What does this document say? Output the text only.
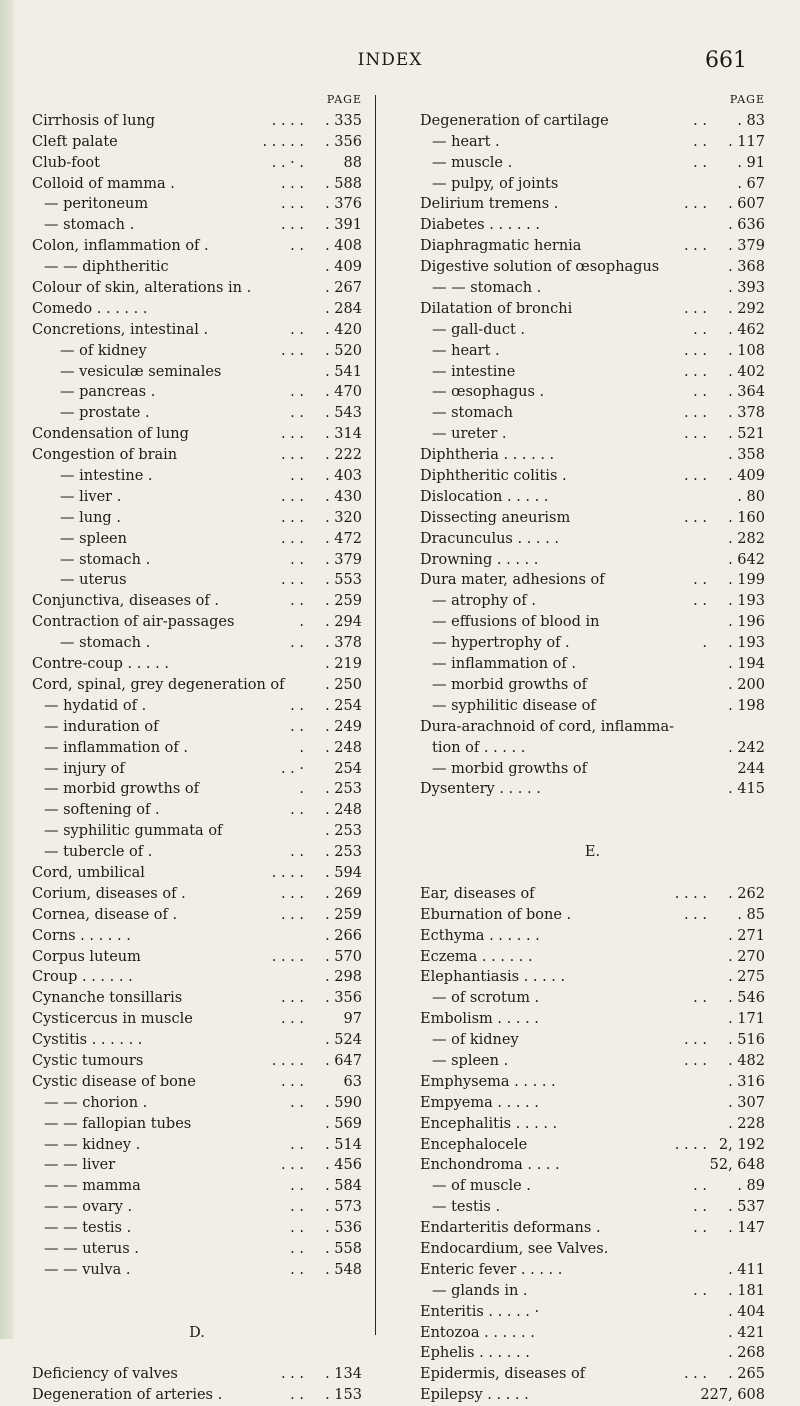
INDEX	661
PAGE
Cirrhosis of lung	. . . . . 335
Cleft palate	. . . . . . 356
Club-foot	. . · .	88
Colloid of mamma .	. . . . 588
— peritoneum	. . . . 376
— stomach .	. . . . 391
Colon, inflammation of .	. . . 408
— — diphtheritic	. 409
Colour of skin, alterations in .	. 267
Comedo . . . . . .	. 284
Concretions, intestinal .	. . . 420
— of kidney	. . . . 520
— vesiculæ seminales	. 541
— pancreas .	. . . 470
— prostate .	. . . 543
Condensation of lung	. . . . 314
Congestion of brain	. . . . 222
— intestine .	. . . 403
— liver .	. . . . 430
— lung .	. . . . 320
— spleen	. . . . 472
— stomach .	. . . 379
— uterus	. . . . 553
Conjunctiva, diseases of .	. . . 259
Contraction of air-passages	. . 294
— stomach .	. . . 378
Contre-coup . . . . .	. 219
Cord, spinal, grey degeneration of	. 250
— hydatid of .	. . . 254
— induration of	. . . 249
— inflammation of .	. . 248
— injury of	. . · 254
— morbid growths of	. . 253
— softening of .	. . . 248
— syphilitic gummata of	. 253
— tubercle of .	. . . 253
Cord, umbilical	. . . . . 594
Corium, diseases of .	. . . . 269
Cornea, disease of .	. . . . 259
Corns . . . . . .	. 266
Corpus luteum	. . . . . 570
Croup . . . . . .	. 298
Cynanche tonsillaris	. . . . 356
Cysticercus in muscle	. . .	97
Cystitis . . . . . .	. 524
Cystic tumours	. . . . . 647
Cystic disease of bone	. . .	63
— — chorion .	. . . 590
— — fallopian tubes	. 569
— — kidney .	. . . 514
— — liver	. . . . 456
— — mamma	. . . 584
— — ovary .	. . . 573
— — testis .	. . . 536
— — uterus .	. . . 558
— — vulva .	. . . 548
D.
Deficiency of valves	. . . . 134
Degeneration of arteries .	. . . 153
PAGE
Degeneration of cartilage	. . . 83
— heart .	. . . 117
— muscle .	. . . 91
— pulpy, of joints	. 67
Delirium tremens .	. . . . 607
Diabetes . . . . . .	. 636
Diaphragmatic hernia	. . . . 379
Digestive solution of œsophagus	. 368
— — stomach .	. 393
Dilatation of bronchi	. . . . 292
— gall-duct .	. . . 462
— heart .	. . . . 108
— intestine	. . . . 402
— œsophagus .	. . . 364
— stomach	. . . . 378
— ureter .	. . . . 521
Diphtheria . . . . . .	. 358
Diphtheritic colitis .	. . . . 409
Dislocation . . . . .	. 80
Dissecting aneurism	. . . . 160
Dracunculus . . . . .	. 282
Drowning . . . . .	. 642
Dura mater, adhesions of	. . . 199
— atrophy of .	. . . 193
— effusions of blood in	. 196
— hypertrophy of .	. . 193
— inflammation of .	. 194
— morbid growths of	. 200
— syphilitic disease of	. 198
Dura-arachnoid of cord, inflamma-
tion of . . . . .	. 242
— morbid growths of	244
Dysentery . . . . .	. 415
E.
Ear, diseases of	. . . . . 262
Eburnation of bone .	. . . . 85
Ecthyma . . . . . .	. 271
Eczema . . . . . .	. 270
Elephantiasis . . . . .	. 275
— of scrotum .	. . . 546
Embolism . . . . .	. 171
— of kidney	. . . . 516
— spleen .	. . . . 482
Emphysema . . . . .	. 316
Empyema . . . . .	. 307
Encephalitis . . . . .	. 228
Encephalocele	. . . . 2, 192
Enchondroma . . . .	52, 648
— of muscle .	. . . 89
— testis .	. . . 537
Endarteritis deformans .	. . . 147
Endocardium, see Valves.
Enteric fever . . . . .	. 411
— glands in .	. . . 181
Enteritis . . . . . ·	. 404
Entozoa . . . . . .	. 421
Ephelis . . . . . .	. 268
Epidermis, diseases of	. . . . 265
Epilepsy . . . . .	227, 608
